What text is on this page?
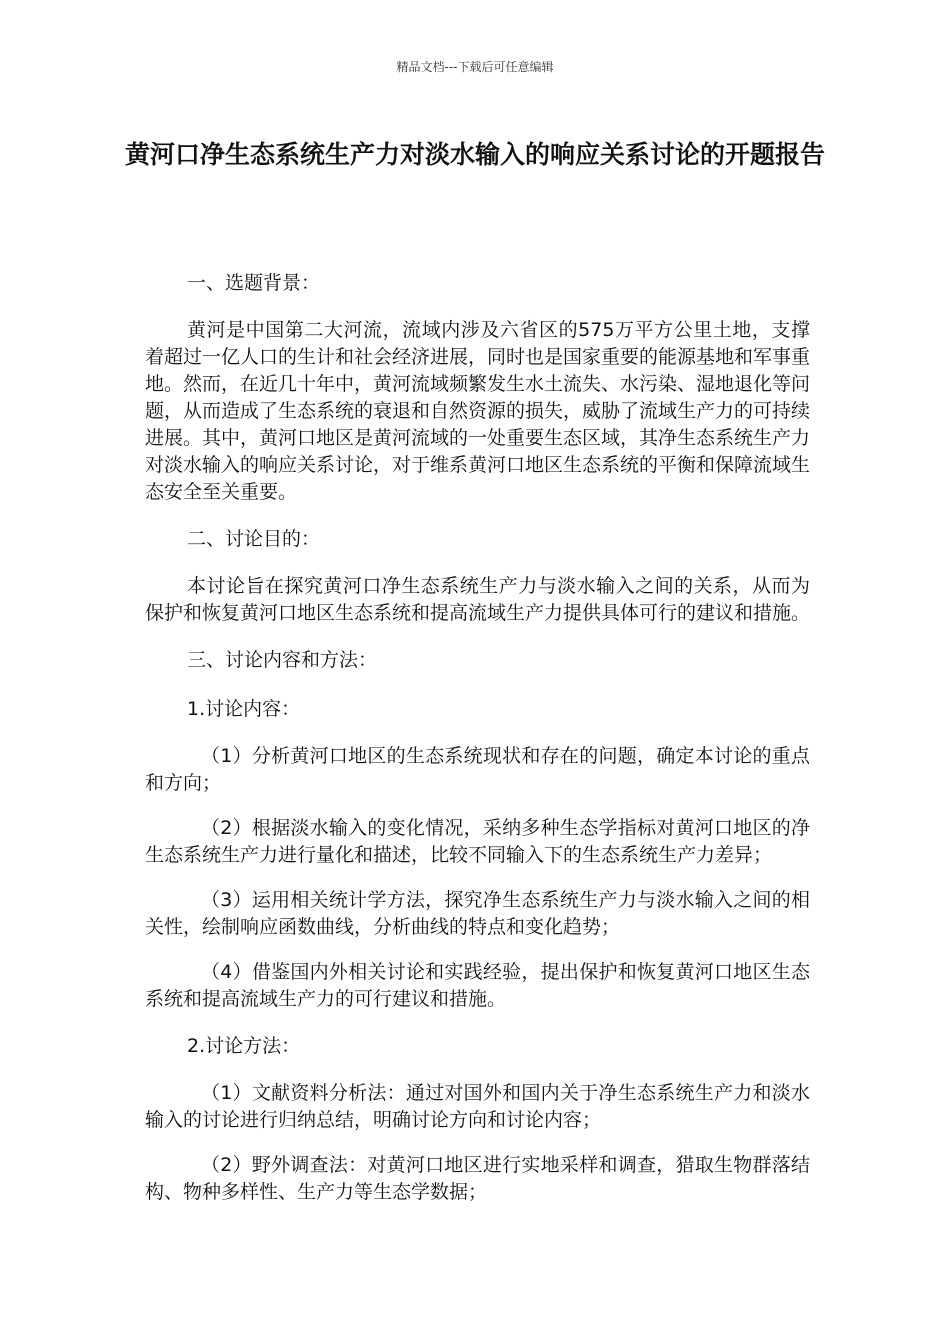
精品文档---下载后可任意编辑
黄河口净生态系统生产力对淡水输入的响应关系讨论的开题报告
一、选题背景：
黄河是中国第二大河流，流域内涉及六省区的575万平方公里土地，支撑着超过一亿人口的生计和社会经济进展，同时也是国家重要的能源基地和军事重地。然而，在近几十年中，黄河流域频繁发生水土流失、水污染、湿地退化等问题，从而造成了生态系统的衰退和自然资源的损失，威胁了流域生产力的可持续进展。其中，黄河口地区是黄河流域的一处重要生态区域，其净生态系统生产力对淡水输入的响应关系讨论，对于维系黄河口地区生态系统的平衡和保障流域生态安全至关重要。
二、讨论目的：
本讨论旨在探究黄河口净生态系统生产力与淡水输入之间的关系，从而为保护和恢复黄河口地区生态系统和提高流域生产力提供具体可行的建议和措施。
三、讨论内容和方法：
1.讨论内容：
（1）分析黄河口地区的生态系统现状和存在的问题，确定本讨论的重点和方向；
（2）根据淡水输入的变化情况，采纳多种生态学指标对黄河口地区的净生态系统生产力进行量化和描述，比较不同输入下的生态系统生产力差异；
（3）运用相关统计学方法，探究净生态系统生产力与淡水输入之间的相关性，绘制响应函数曲线，分析曲线的特点和变化趋势；
（4）借鉴国内外相关讨论和实践经验，提出保护和恢复黄河口地区生态系统和提高流域生产力的可行建议和措施。
2.讨论方法：
（1）文献资料分析法：通过对国外和国内关于净生态系统生产力和淡水输入的讨论进行归纳总结，明确讨论方向和讨论内容；
（2）野外调查法：对黄河口地区进行实地采样和调查，猎取生物群落结构、物种多样性、生产力等生态学数据；
